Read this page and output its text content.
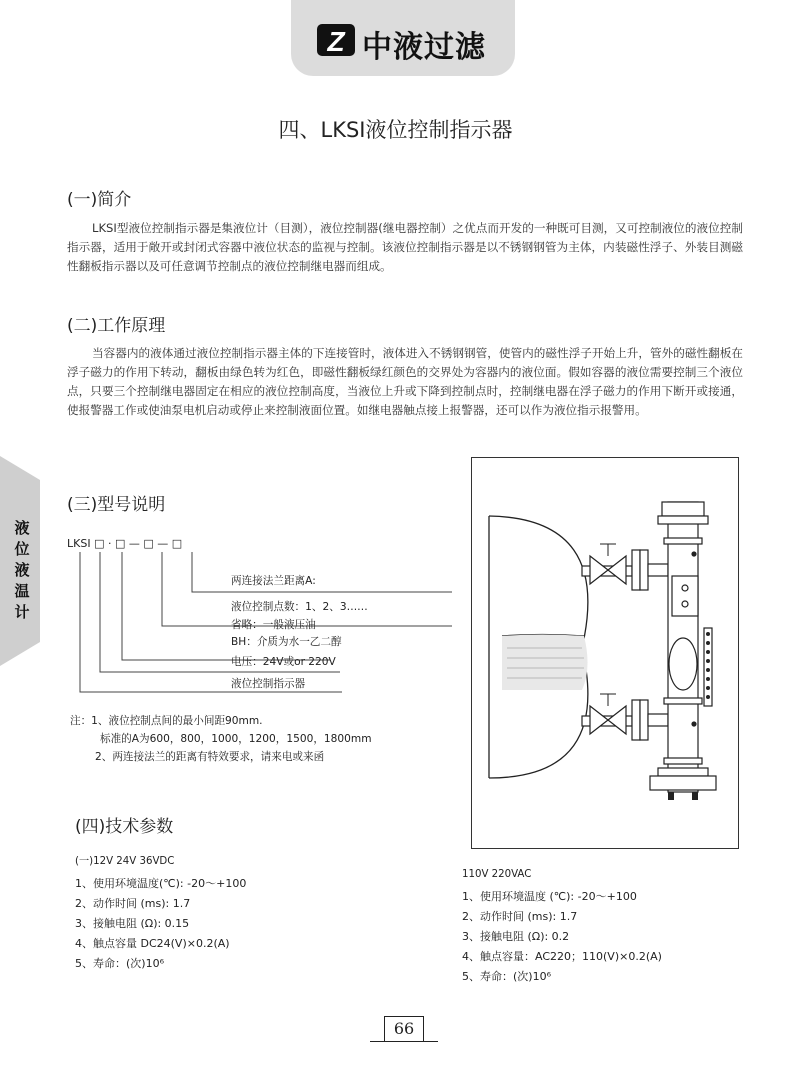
Z 中液过滤
四、LKSI液位控制指示器
液位液温计
(一)简介
LKSI型液位控制指示器是集液位计（目测），液位控制器(继电器控制）之优点而开发的一种既可目测，又可控制液位的液位控制指示器，适用于敞开或封闭式容器中液位状态的监视与控制。该液位控制指示器是以不锈钢钢管为主体，内装磁性浮子、外装目测磁性翻板指示器以及可任意调节控制点的液位控制继电器而组成。
(二)工作原理
当容器内的液体通过液位控制指示器主体的下连接管时，液体进入不锈钢钢管，使管内的磁性浮子开始上升，管外的磁性翻板在浮子磁力的作用下转动，翻板由绿色转为红色，即磁性翻板绿红颜色的交界处为容器内的液位面。假如容器的液位需要控制三个液位点，只要三个控制继电器固定在相应的液位控制高度，当液位上升或下降到控制点时，控制继电器在浮子磁力的作用下断开或接通，使报警器工作或使油泵电机启动或停止来控制液面位置。如继电器触点接上报警器，还可以作为液位指示报警用。
(三)型号说明
LKSI □ · □ — □ — □
两连接法兰距离A:
液位控制点数：1、2、3……
省略：一般液压油
BH：介质为水一乙二醇
电压：24V或or 220V
液位控制指示器
注：1、液位控制点间的最小间距90mm.
标准的A为600，800，1000，1200，1500，1800mm
2、两连接法兰的距离有特效要求，请来电或来函
(四)技术参数
(一)12V 24V 36VDC
1、使用环境温度(℃): -20～+100
2、动作时间 (ms): 1.7
3、接触电阻 (Ω): 0.15
4、触点容量 DC24(V)×0.2(A)
5、寿命：(次)10⁶
110V 220VAC
1、使用环境温度 (℃): -20～+100
2、动作时间 (ms): 1.7
3、接触电阻 (Ω): 0.2
4、触点容量：AC220；110(V)×0.2(A)
5、寿命：(次)10⁶
66
